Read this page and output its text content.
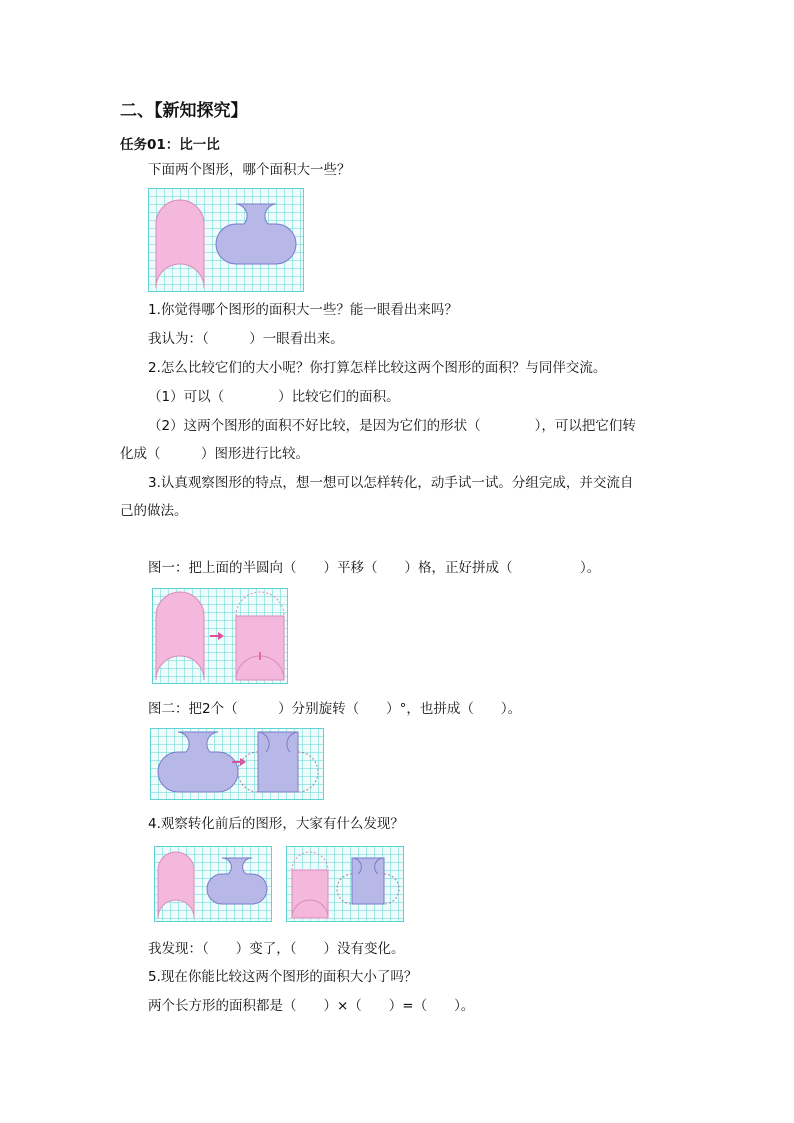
二、【新知探究】
任务01：比一比
下面两个图形，哪个面积大一些？
1.你觉得哪个图形的面积大一些？能一眼看出来吗？
我认为：（　　　）一眼看出来。
2.怎么比较它们的大小呢？你打算怎样比较这两个图形的面积？与同伴交流。
（1）可以（　　　　）比较它们的面积。
（2）这两个图形的面积不好比较，是因为它们的形状（　　　　），可以把它们转
化成（　　　）图形进行比较。
3.认真观察图形的特点，想一想可以怎样转化，动手试一试。分组完成，并交流自
己的做法。
图一：把上面的半圆向（　　）平移（　　）格，正好拼成（　　　　　）。
图二：把2个（　　　）分别旋转（　　）°，也拼成（　　）。
4.观察转化前后的图形，大家有什么发现？
我发现：（　　）变了，（　　）没有变化。
5.现在你能比较这两个图形的面积大小了吗？
两个长方形的面积都是（　　）×（　　）=（　　）。
